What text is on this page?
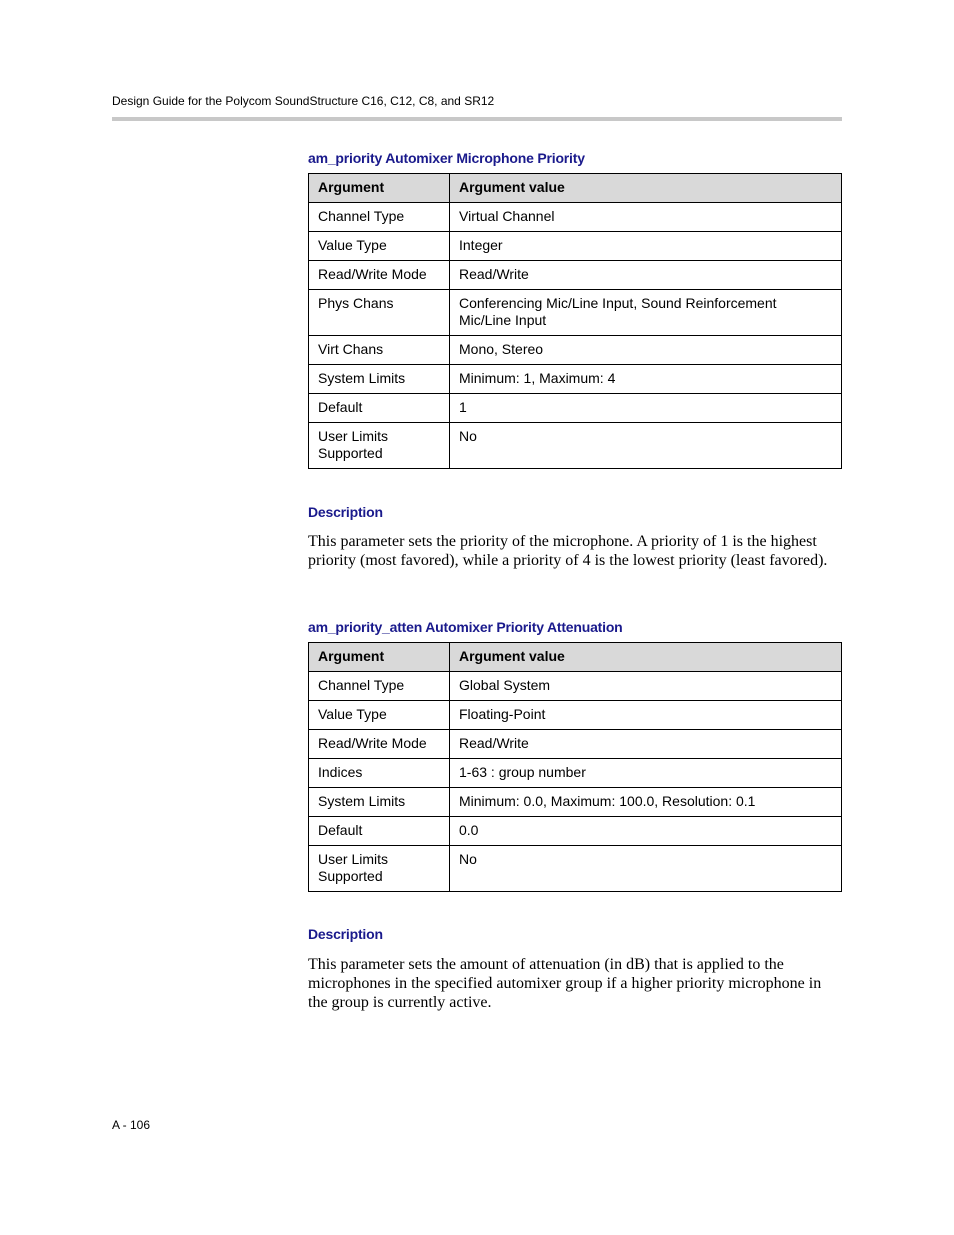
Design Guide for the Polycom SoundStructure C16, C12, C8, and SR12
am_priority Automixer Microphone Priority
Argument	Argument value
Channel Type	Virtual Channel
Value Type	Integer
Read/Write Mode	Read/Write
Phys Chans	Conferencing Mic/Line Input, Sound Reinforcement Mic/Line Input
Virt Chans	Mono, Stereo
System Limits	Minimum: 1, Maximum: 4
Default	1
User Limits Supported	No
Description
This parameter sets the priority of the microphone. A priority of 1 is the highest priority (most favored), while a priority of 4 is the lowest priority (least favored).
am_priority_atten Automixer Priority Attenuation
Argument	Argument value
Channel Type	Global System
Value Type	Floating-Point
Read/Write Mode	Read/Write
Indices	1-63 : group number
System Limits	Minimum: 0.0, Maximum: 100.0, Resolution: 0.1
Default	0.0
User Limits Supported	No
Description
This parameter sets the amount of attenuation (in dB) that is applied to the microphones in the specified automixer group if a higher priority microphone in the group is currently active.
A - 106
